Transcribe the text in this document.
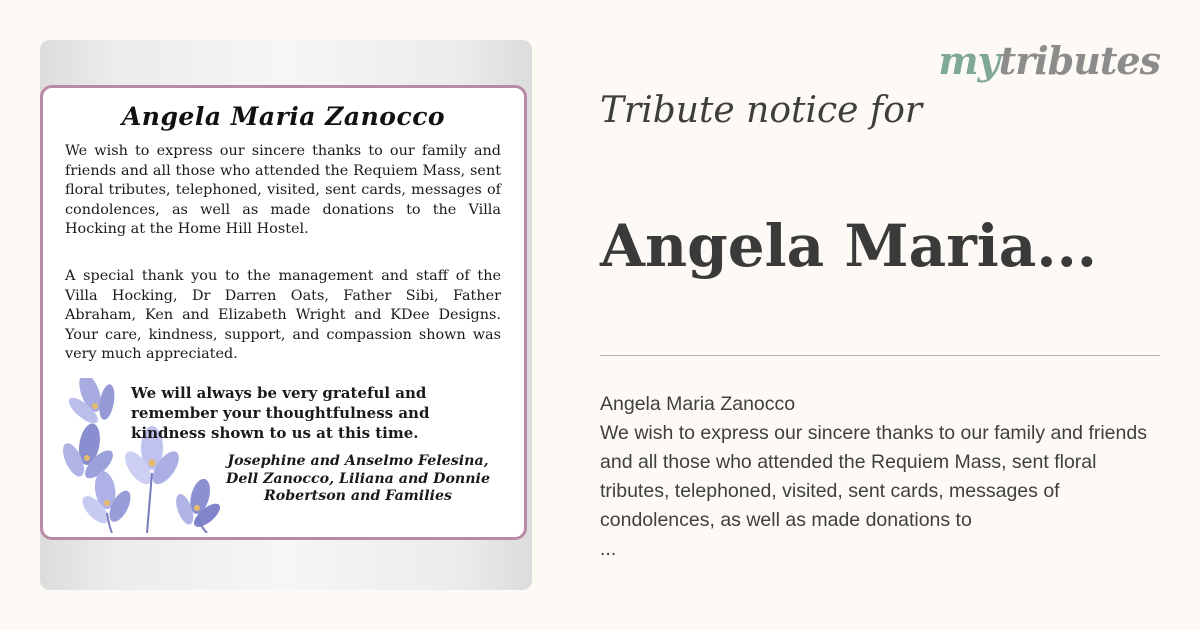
Angela Maria Zanocco

We wish to express our sincere thanks to our family and friends and all those who attended the Requiem Mass, sent floral tributes, telephoned, visited, sent cards, messages of condolences, as well as made donations to the Villa Hocking at the Home Hill Hostel.

A special thank you to the management and staff of the Villa Hocking, Dr Darren Oats, Father Sibi, Father Abraham, Ken and Elizabeth Wright and KDee Designs. Your care, kindness, support, and compassion shown was very much appreciated.

We will always be very grateful and remember your thoughtfulness and kindness shown to us at this time.

Josephine and Anselmo Felesina, Dell Zanocco, Liliana and Donnie Robertson and Families

mytributes
Tribute notice for
Angela Maria...
Angela Maria Zanocco
We wish to express our sincere thanks to our family and friends and all those who attended the Requiem Mass, sent floral tributes, telephoned, visited, sent cards, messages of condolences, as well as made donations to
...
